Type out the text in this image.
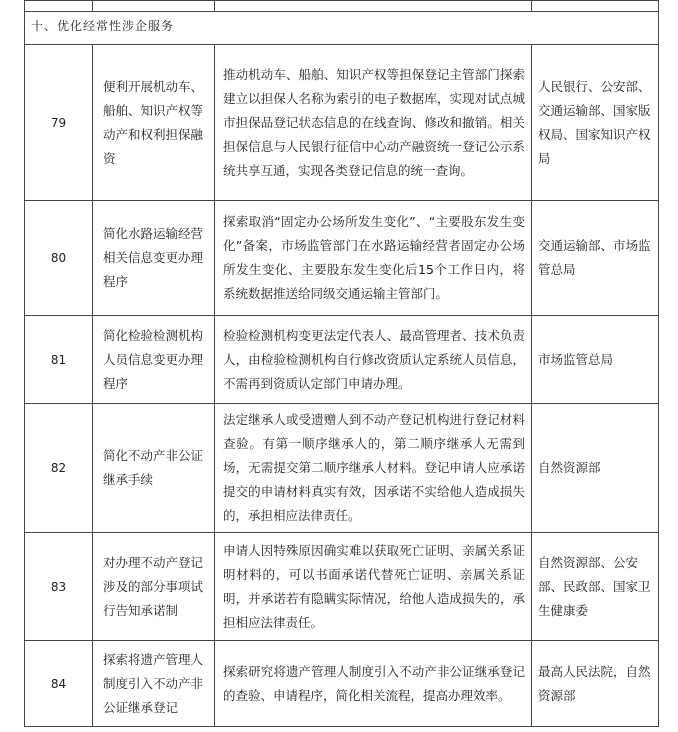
十、优化经常性涉企服务			
79	便利开展机动车、船舶、知识产权等动产和权利担保融资	推动机动车、船舶、知识产权等担保登记主管部门探索建立以担保人名称为索引的电子数据库，实现对试点城市担保品登记状态信息的在线查询、修改和撤销。相关担保信息与人民银行征信中心动产融资统一登记公示系统共享互通，实现各类登记信息的统一查询。	人民银行、公安部、交通运输部、国家版权局、国家知识产权局
80	简化水路运输经营相关信息变更办理程序	探索取消“固定办公场所发生变化”、“主要股东发生变化”备案，市场监管部门在水路运输经营者固定办公场所发生变化、主要股东发生变化后15个工作日内，将系统数据推送给同级交通运输主管部门。	交通运输部、市场监管总局
81	简化检验检测机构人员信息变更办理程序	检验检测机构变更法定代表人、最高管理者、技术负责人，由检验检测机构自行修改资质认定系统人员信息，不需再到资质认定部门申请办理。	市场监管总局
82	简化不动产非公证继承手续	法定继承人或受遗赠人到不动产登记机构进行登记材料查验。有第一顺序继承人的，第二顺序继承人无需到场，无需提交第二顺序继承人材料。登记申请人应承诺提交的申请材料真实有效，因承诺不实给他人造成损失的，承担相应法律责任。	自然资源部
83	对办理不动产登记涉及的部分事项试行告知承诺制	申请人因特殊原因确实难以获取死亡证明、亲属关系证明材料的，可以书面承诺代替死亡证明、亲属关系证明，并承诺若有隐瞒实际情况，给他人造成损失的，承担相应法律责任。	自然资源部、公安部、民政部、国家卫生健康委
84	探索将遗产管理人制度引入不动产非公证继承登记	探索研究将遗产管理人制度引入不动产非公证继承登记的查验、申请程序，简化相关流程，提高办理效率。	最高人民法院，自然资源部
